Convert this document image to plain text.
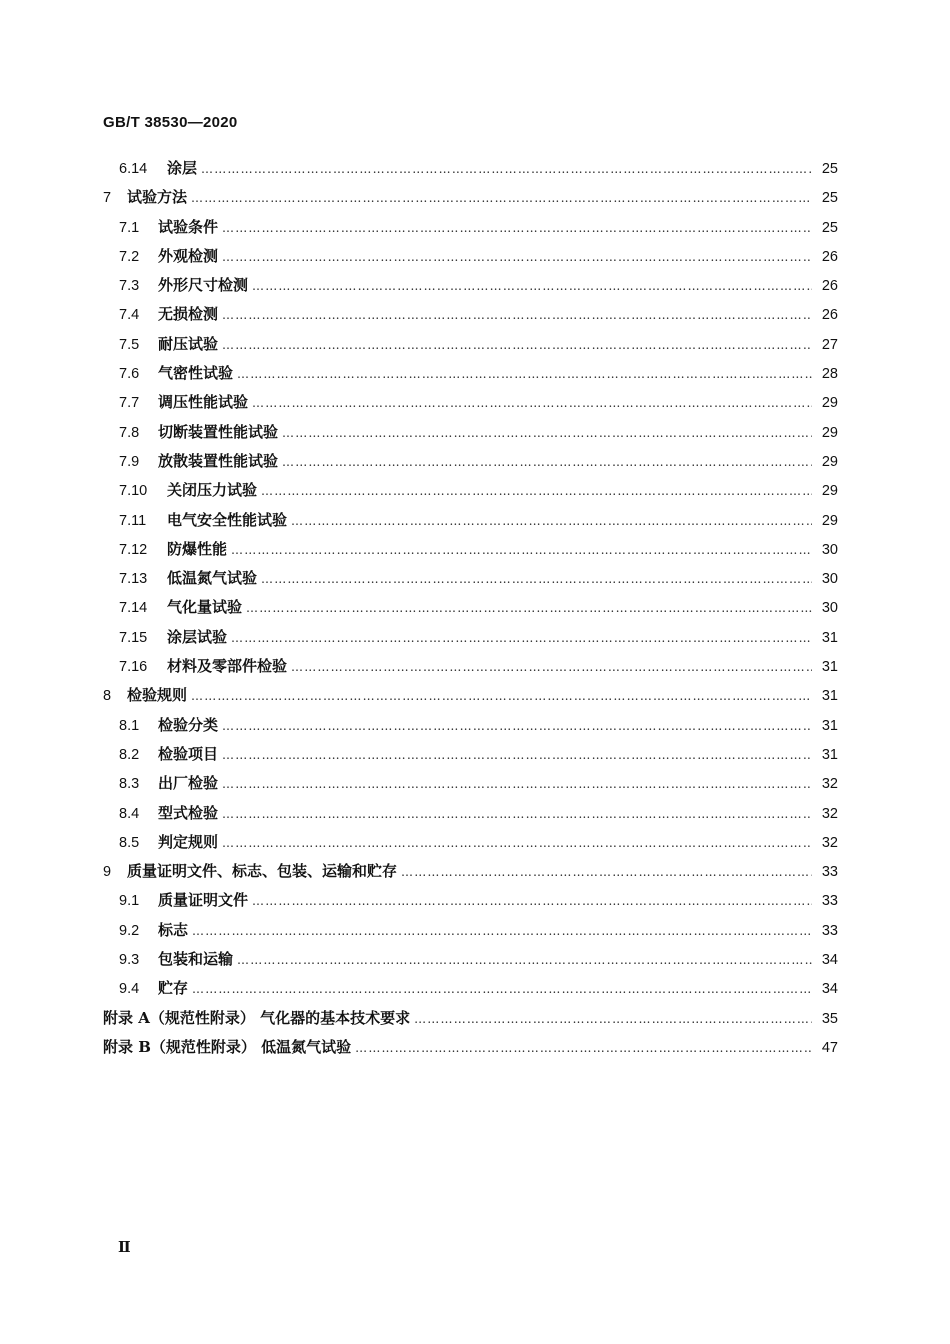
GB/T 38530—2020
6.14	涂层 ………………………………………………………………………………………………………………………………………………………………	25
7	试验方法 ………………………………………………………………………………………………………………………………………………………………	25
7.1	试验条件 ………………………………………………………………………………………………………………………………………………………………	25
7.2	外观检测 ………………………………………………………………………………………………………………………………………………………………	26
7.3	外形尺寸检测 ………………………………………………………………………………………………………………………………………………………………	26
7.4	无损检测 ………………………………………………………………………………………………………………………………………………………………	26
7.5	耐压试验 ………………………………………………………………………………………………………………………………………………………………	27
7.6	气密性试验 ………………………………………………………………………………………………………………………………………………………………	28
7.7	调压性能试验 ………………………………………………………………………………………………………………………………………………………………	29
7.8	切断装置性能试验 ………………………………………………………………………………………………………………………………………………………………	29
7.9	放散装置性能试验 ………………………………………………………………………………………………………………………………………………………………	29
7.10	关闭压力试验 ………………………………………………………………………………………………………………………………………………………………	29
7.11	电气安全性能试验 ………………………………………………………………………………………………………………………………………………………………	29
7.12	防爆性能 ………………………………………………………………………………………………………………………………………………………………	30
7.13	低温氮气试验 ………………………………………………………………………………………………………………………………………………………………	30
7.14	气化量试验 ………………………………………………………………………………………………………………………………………………………………	30
7.15	涂层试验 ………………………………………………………………………………………………………………………………………………………………	31
7.16	材料及零部件检验 ………………………………………………………………………………………………………………………………………………………………	31
8	检验规则 ………………………………………………………………………………………………………………………………………………………………	31
8.1	检验分类 ………………………………………………………………………………………………………………………………………………………………	31
8.2	检验项目 ………………………………………………………………………………………………………………………………………………………………	31
8.3	出厂检验 ………………………………………………………………………………………………………………………………………………………………	32
8.4	型式检验 ………………………………………………………………………………………………………………………………………………………………	32
8.5	判定规则 ………………………………………………………………………………………………………………………………………………………………	32
9	质量证明文件、标志、包装、运输和贮存 ………………………………………………………………………………………………………………………………………………………………	33
9.1	质量证明文件 ………………………………………………………………………………………………………………………………………………………………	33
9.2	标志 ………………………………………………………………………………………………………………………………………………………………	33
9.3	包装和运输 ………………………………………………………………………………………………………………………………………………………………	34
9.4	贮存 ………………………………………………………………………………………………………………………………………………………………	34
附录 A（规范性附录） 气化器的基本技术要求 ………………………………………………………………………………………………………………………………………………………………	35
附录 B（规范性附录） 低温氮气试验 ………………………………………………………………………………………………………………………………………………………………	47
Ⅱ
